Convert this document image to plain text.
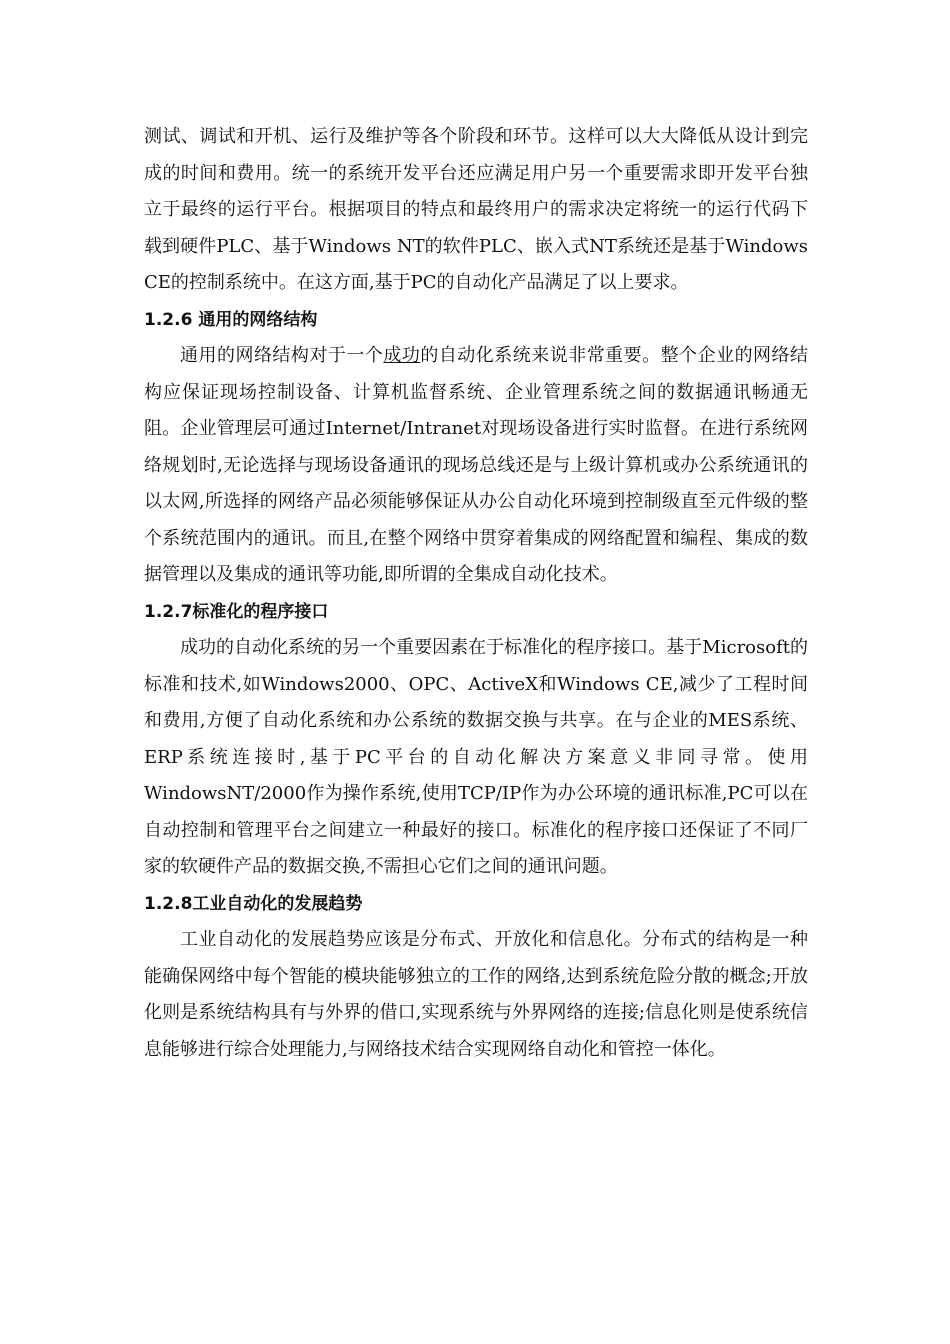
测试、调试和开机、运行及维护等各个阶段和环节。这样可以大大降低从设计到完成的时间和费用。统一的系统开发平台还应满足用户另一个重要需求即开发平台独立于最终的运行平台。根据项目的特点和最终用户的需求决定将统一的运行代码下载到硬件PLC、基于Windows NT的软件PLC、嵌入式NT系统还是基于Windows CE的控制系统中。在这方面,基于PC的自动化产品满足了以上要求。

1.2.6 通用的网络结构

通用的网络结构对于一个成功的自动化系统来说非常重要。整个企业的网络结构应保证现场控制设备、计算机监督系统、企业管理系统之间的数据通讯畅通无阻。企业管理层可通过Internet/Intranet对现场设备进行实时监督。在进行系统网络规划时,无论选择与现场设备通讯的现场总线还是与上级计算机或办公系统通讯的以太网,所选择的网络产品必须能够保证从办公自动化环境到控制级直至元件级的整个系统范围内的通讯。而且,在整个网络中贯穿着集成的网络配置和编程、集成的数据管理以及集成的通讯等功能,即所谓的全集成自动化技术。

1.2.7标准化的程序接口

成功的自动化系统的另一个重要因素在于标准化的程序接口。基于Microsoft的标准和技术,如Windows2000、OPC、ActiveX和Windows CE,减少了工程时间和费用,方便了自动化系统和办公系统的数据交换与共享。在与企业的MES系统、ERP系统连接时,基于PC平台的自动化解决方案意义非同寻常。使用WindowsNT/2000作为操作系统,使用TCP/IP作为办公环境的通讯标准,PC可以在自动控制和管理平台之间建立一种最好的接口。标准化的程序接口还保证了不同厂家的软硬件产品的数据交换,不需担心它们之间的通讯问题。

1.2.8工业自动化的发展趋势

工业自动化的发展趋势应该是分布式、开放化和信息化。分布式的结构是一种能确保网络中每个智能的模块能够独立的工作的网络,达到系统危险分散的概念;开放化则是系统结构具有与外界的借口,实现系统与外界网络的连接;信息化则是使系统信息能够进行综合处理能力,与网络技术结合实现网络自动化和管控一体化。
